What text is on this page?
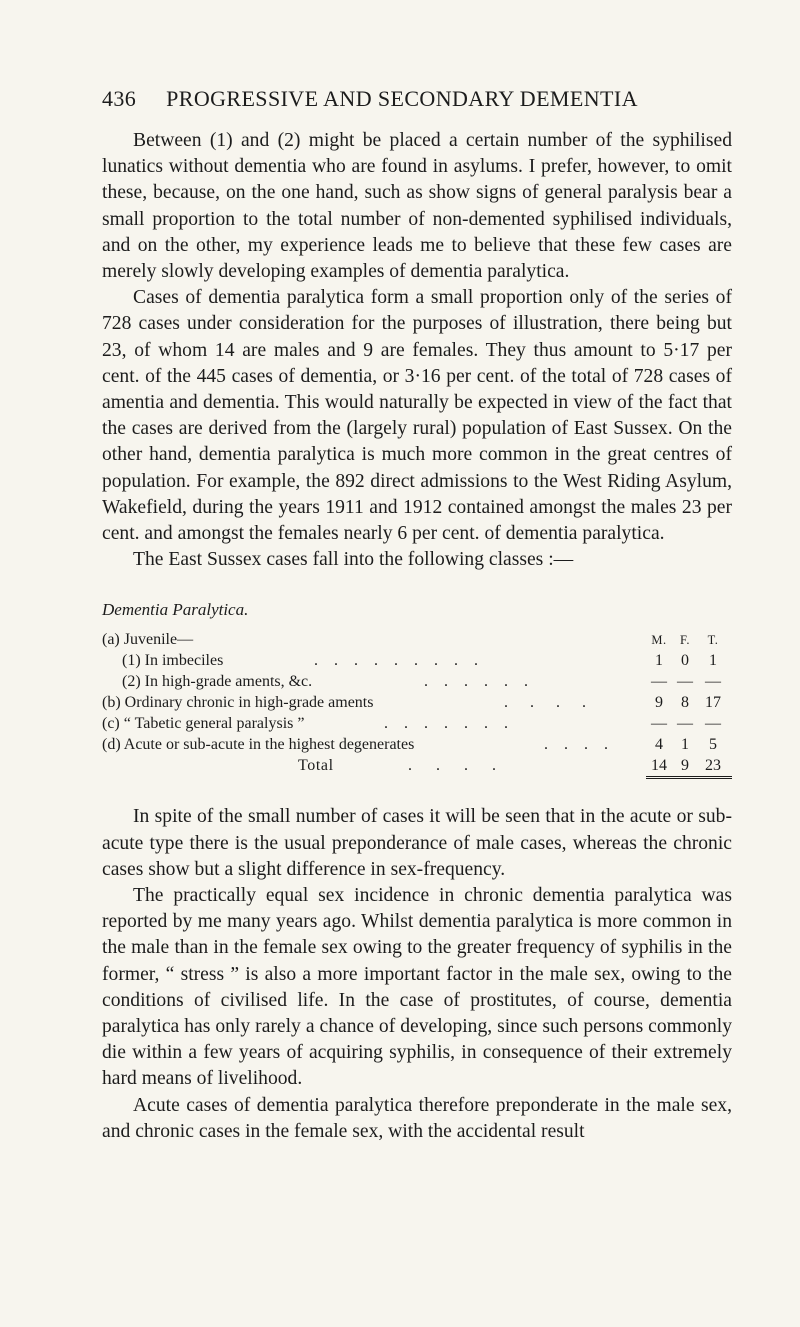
436 PROGRESSIVE AND SECONDARY DEMENTIA

Between (1) and (2) might be placed a certain number of the syphilised lunatics without dementia who are found in asylums. I prefer, however, to omit these, because, on the one hand, such as show signs of general paralysis bear a small proportion to the total number of non-demented syphilised individuals, and on the other, my experience leads me to believe that these few cases are merely slowly developing examples of dementia paralytica.

Cases of dementia paralytica form a small proportion only of the series of 728 cases under consideration for the purposes of illustration, there being but 23, of whom 14 are males and 9 are females. They thus amount to 5·17 per cent. of the 445 cases of dementia, or 3·16 per cent. of the total of 728 cases of amentia and dementia. This would naturally be expected in view of the fact that the cases are derived from the (largely rural) population of East Sussex. On the other hand, dementia paralytica is much more common in the great centres of population. For example, the 892 direct admissions to the West Riding Asylum, Wakefield, during the years 1911 and 1912 contained amongst the males 23 per cent. and amongst the females nearly 6 per cent. of dementia paralytica.

The East Sussex cases fall into the following classes :—

Dementia Paralytica.
(a) Juvenile—	M. F. T.
(1) In imbeciles	. . . . . . . . .	1 0 1
(2) In high-grade aments, &c.	. . . . . .	— — —
(b) Ordinary chronic in high-grade aments	. . . .	9 8 17
(c) “ Tabetic general paralysis ”	. . . . . . .	— — —
(d) Acute or sub-acute in the highest degenerates	. . . .	4 1 5
Total	. . . .	14 9 23

In spite of the small number of cases it will be seen that in the acute or sub-acute type there is the usual preponderance of male cases, whereas the chronic cases show but a slight difference in sex-frequency.

The practically equal sex incidence in chronic dementia paralytica was reported by me many years ago. Whilst dementia paralytica is more common in the male than in the female sex owing to the greater frequency of syphilis in the former, “ stress ” is also a more important factor in the male sex, owing to the conditions of civilised life. In the case of prostitutes, of course, dementia paralytica has only rarely a chance of developing, since such persons commonly die within a few years of acquiring syphilis, in consequence of their extremely hard means of livelihood.

Acute cases of dementia paralytica therefore preponderate in the male sex, and chronic cases in the female sex, with the accidental result
